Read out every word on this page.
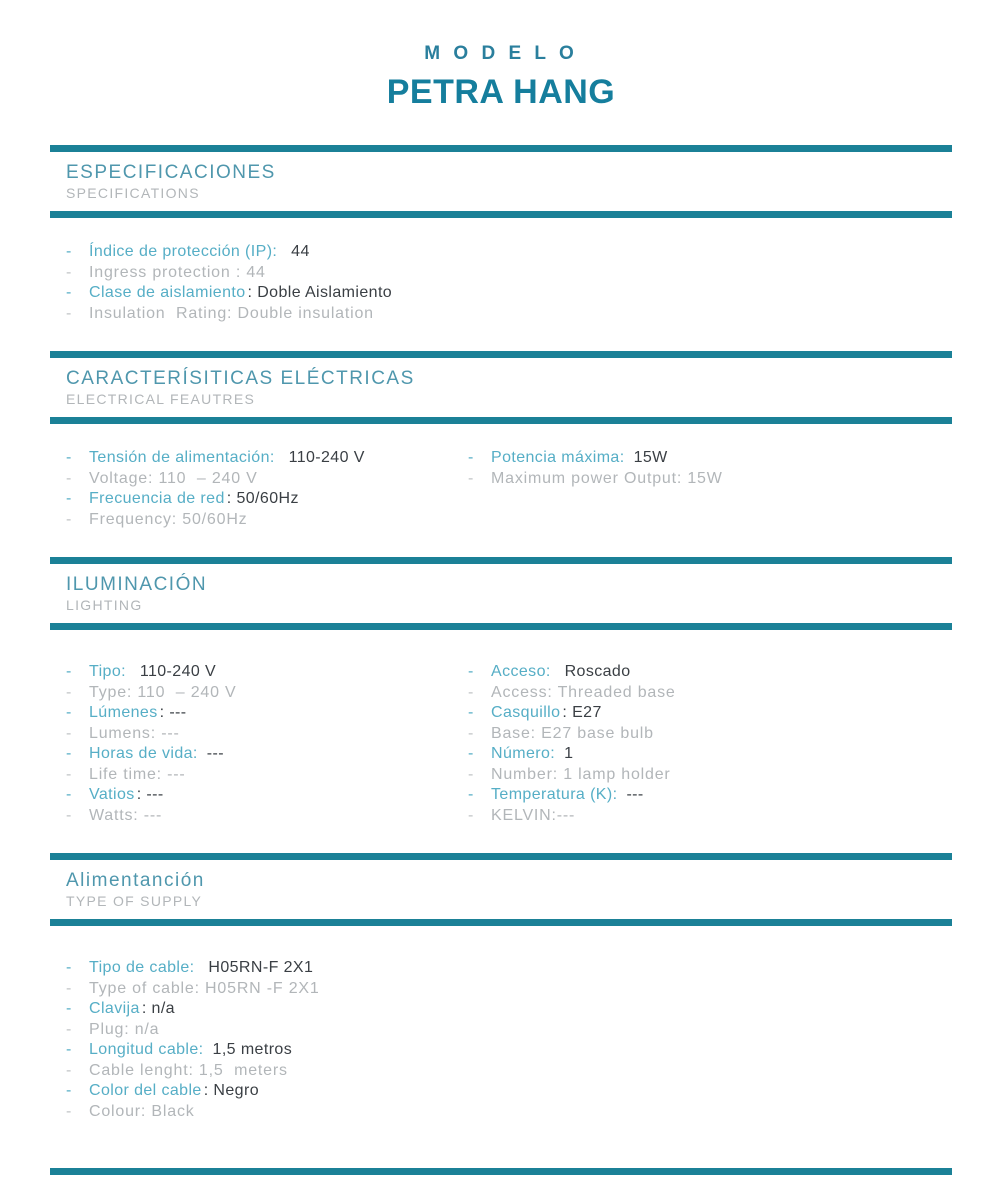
M O D E L O
PETRA HANG
ESPECIFICACIONES
SPECIFICATIONS
-	Índice de protección (IP): 44
-	Ingress protection : 44
-	Clase de aislamiento : Doble Aislamiento
-	Insulation  Rating: Double insulation
CARACTERÍSITICAS ELÉCTRICAS
ELECTRICAL FEAUTRES
-	Tensión de alimentación: 110-240 V
-	Voltage: 110  – 240 V
-	Frecuencia de red : 50/60Hz
-	Frequency: 50/60Hz
-	Potencia máxima: 15W
-	Maximum power Output: 15W
ILUMINACIÓN
LIGHTING
-	Tipo: 110-240 V
-	Type: 110  – 240 V
-	Lúmenes : ---
-	Lumens: ---
-	Horas de vida: ---
-	Life time: ---
-	Vatios : ---
-	Watts: ---
-	Acceso: Roscado
-	Access: Threaded base
-	Casquillo : E27
-	Base: E27 base bulb
-	Número: 1
-	Number: 1 lamp holder
-	Temperatura (K): ---
-	KELVIN:---
Alimentanción
TYPE OF SUPPLY
-	Tipo de cable: H05RN-F 2X1
-	Type of cable: H05RN -F 2X1
-	Clavija : n/a
-	Plug: n/a
-	Longitud cable: 1,5 metros
-	Cable lenght: 1,5  meters
-	Color del cable : Negro
-	Colour: Black
